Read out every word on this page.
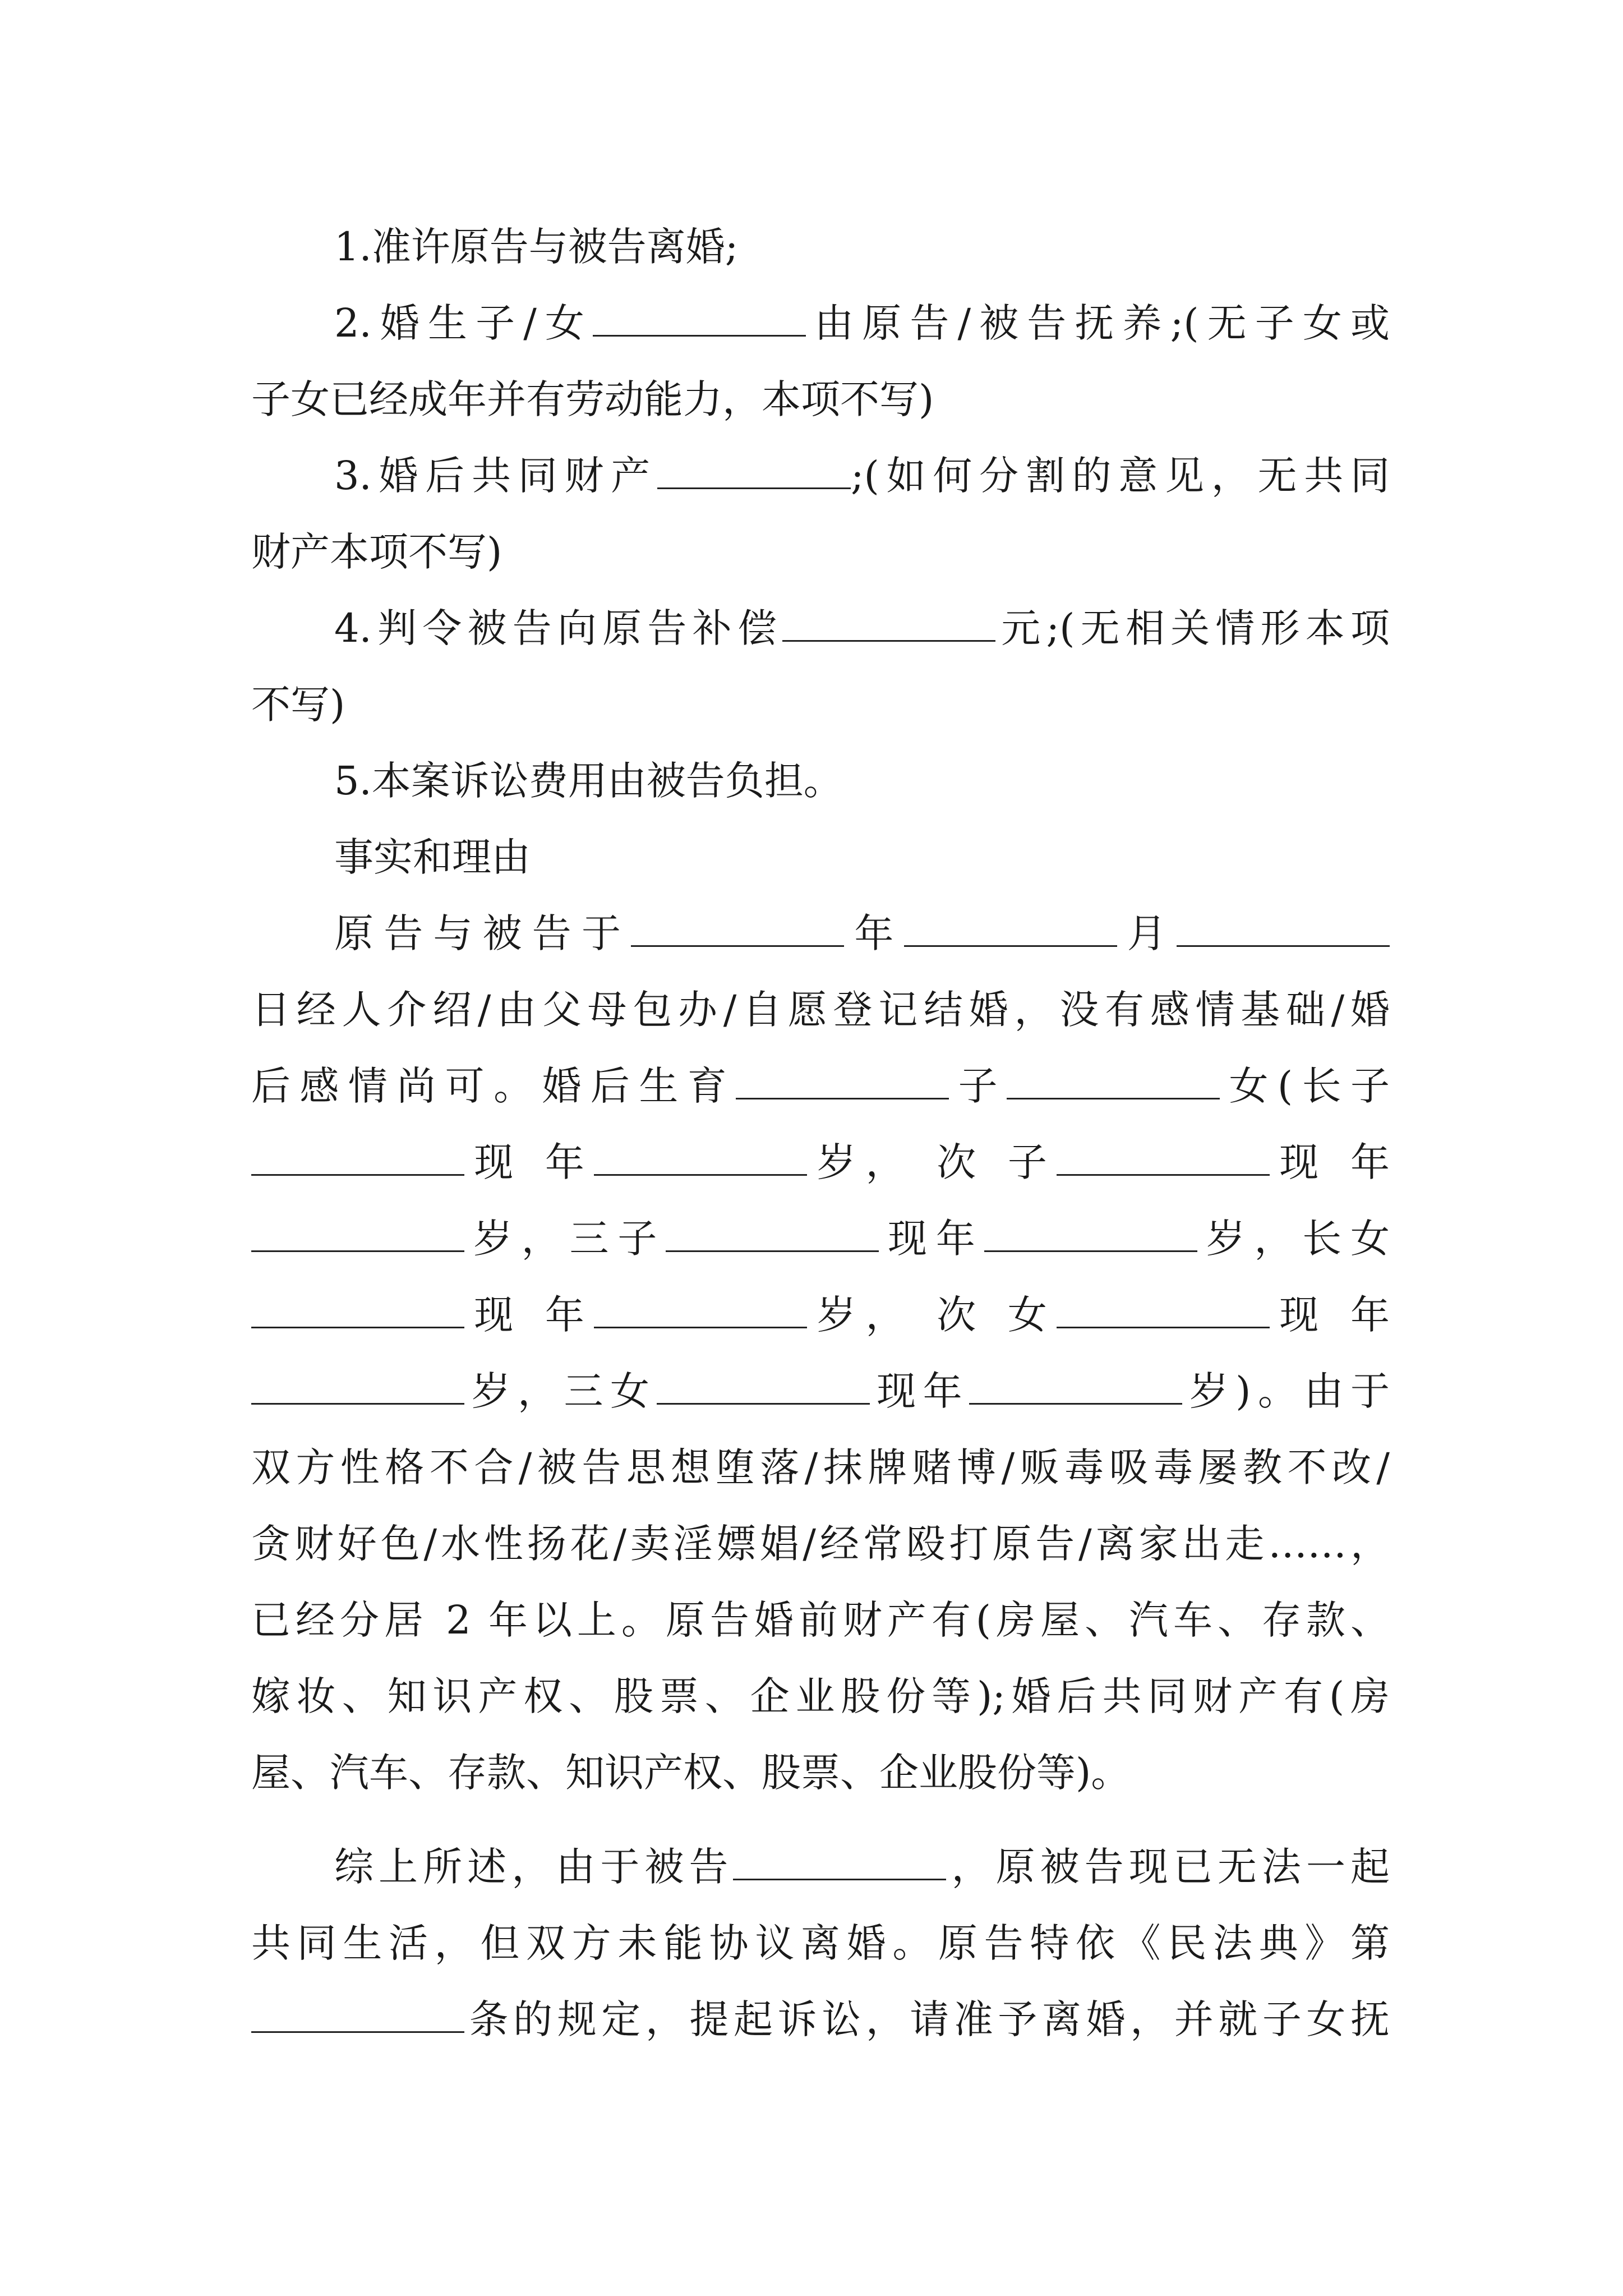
1.准许原告与被告离婚;
2.婚生子/女	由原告/被告抚养;(无子女或
子女已经成年并有劳动能力，本项不写)
3.婚后共同财产	;(如何分割的意见，无共同
财产本项不写)
4.判令被告向原告补偿	元;(无相关情形本项
不写)
5.本案诉讼费用由被告负担。
事实和理由
原告与被告于	年	月
日经人介绍/由父母包办/自愿登记结婚，没有感情基础/婚
后感情尚可。婚后生育	子	女(长子
现 年	岁， 次 子	现 年
岁，三子	现年	岁，长女
现 年	岁， 次 女	现 年
岁，三女	现年	岁)。由于
双方性格不合/被告思想堕落/抹牌赌博/贩毒吸毒屡教不改/
贪财好色/水性扬花/卖淫嫖娼/经常殴打原告/离家出走……，
已经分居 2 年以上。原告婚前财产有(房屋、汽车、存款、
嫁妆、知识产权、股票、企业股份等);婚后共同财产有(房
屋、汽车、存款、知识产权、股票、企业股份等)。
综上所述，由于被告	，原被告现已无法一起
共同生活，但双方未能协议离婚。原告特依《民法典》第
条的规定，提起诉讼，请准予离婚，并就子女抚
